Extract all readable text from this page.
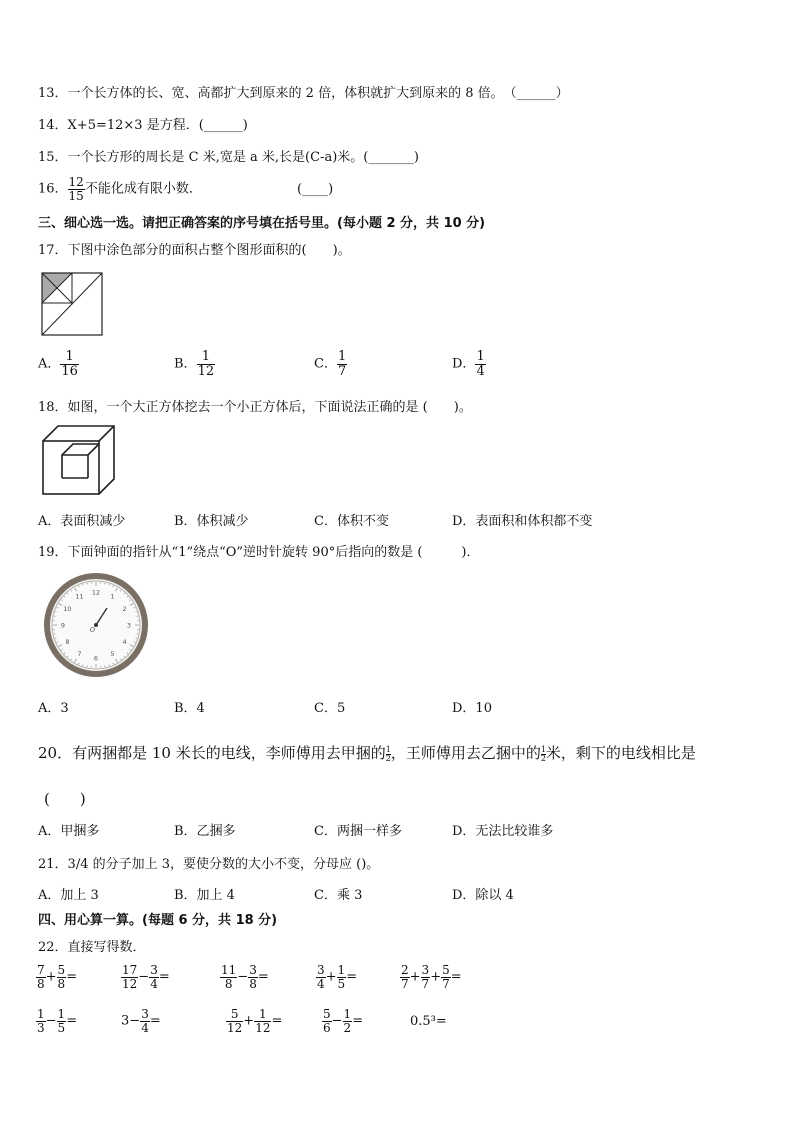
13．一个长方体的长、宽、高都扩大到原来的 2 倍，体积就扩大到原来的 8 倍。　（______）
14．X+5=12×3 是方程．(______)
15．一个长方形的周长是 C 米,宽是 a 米,长是(C-a)米。(_______)
16． $\frac{12}{15}$ 不能化成有限小数．	(____)
三、细心选一选。请把正确答案的序号填在括号里。(每小题 2 分，共 10 分)
17．下图中涂色部分的面积占整个图形面积的(　　)。
A． $\frac{1}{16}$	B． $\frac{1}{12}$	C． $\frac{1}{7}$	D． $\frac{1}{4}$
18．如图，一个大正方体挖去一个小正方体后，下面说法正确的是 (　　)。
A．表面积减少	B．体积减少	C．体积不变	D．表面积和体积都不变
19．下面钟面的指针从“1”绕点“O”逆时针旋转 90°后指向的数是 (　　　)．
12
1
2
3
4
5
6
7
8
9
10
11
O
A．3	B．4	C．5	D．10
20．有两捆都是 10 米长的电线，李师傅用去甲捆的 $\frac{1}{2}$ ，王师傅用去乙捆中的 $\frac{1}{2}$ 米，剩下的电线相比是
(　　)
A．甲捆多	B．乙捆多	C．两捆一样多	D．无法比较谁多
21．3/4 的分子加上 3，要使分数的大小不变，分母应 ()。
A．加上 3	B．加上 4	C．乘 3	D．除以 4
四、用心算一算。(每题 6 分，共 18 分)
22．直接写得数．
$\frac{7}{8} + \frac{5}{8}$ =	$\frac{17}{12} - \frac{3}{4}$ =	$\frac{11}{8} - \frac{3}{8}$ =	$\frac{3}{4} + \frac{1}{5}$ =	$\frac{2}{7} + \frac{3}{7} + \frac{5}{7}$ =
$\frac{1}{3} - \frac{1}{5}$ =	$3- \frac{3}{4}$ =	$\frac{5}{12} + \frac{1}{12}$ =	$\frac{5}{6} - \frac{1}{2}$ =	0.5³=
